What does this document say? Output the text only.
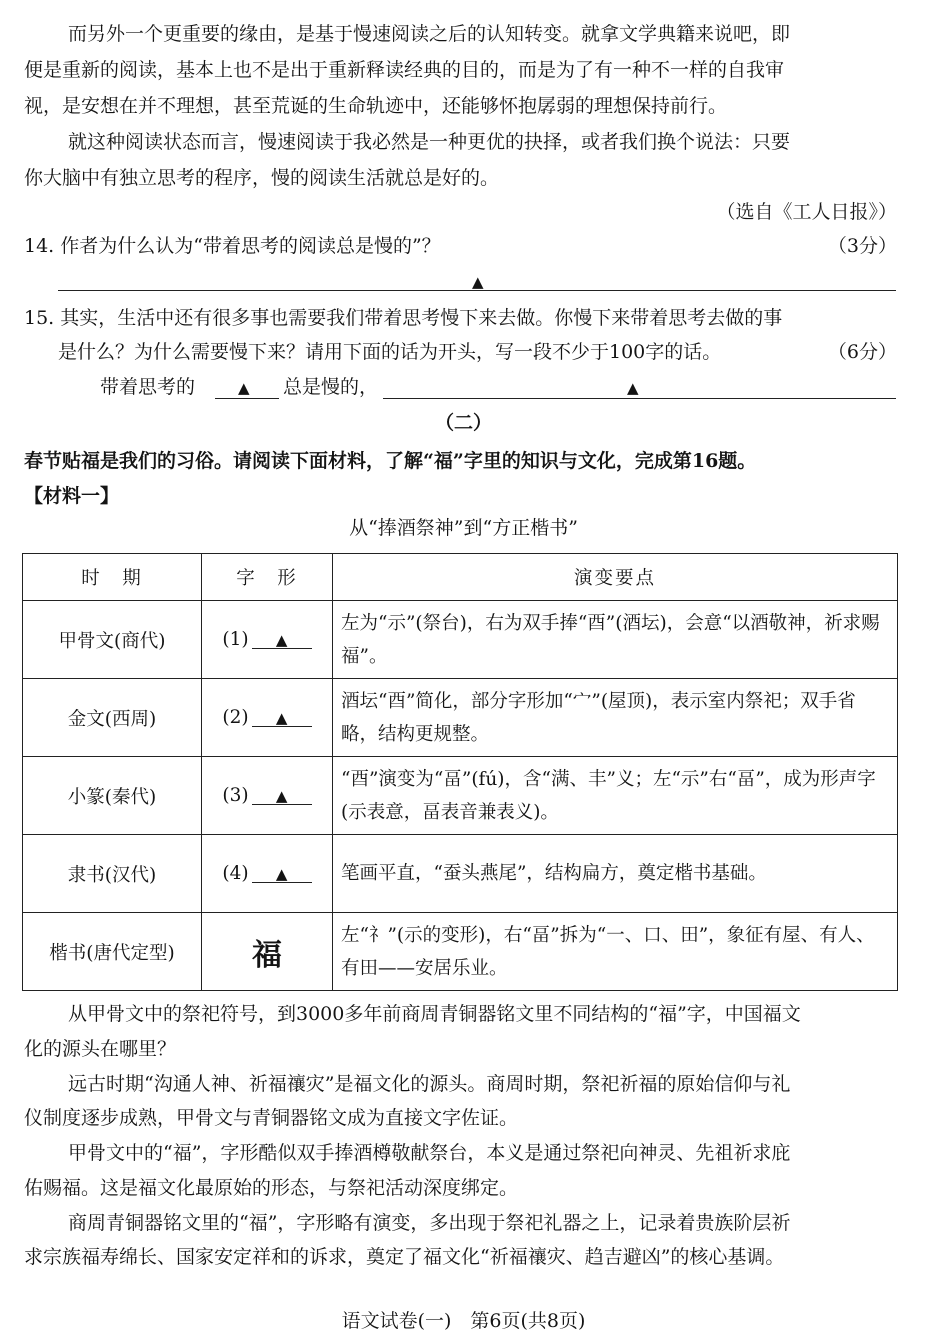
而另外一个更重要的缘由，是基于慢速阅读之后的认知转变。就拿文学典籍来说吧，即
便是重新的阅读，基本上也不是出于重新释读经典的目的，而是为了有一种不一样的自我审
视，是安想在并不理想，甚至荒诞的生命轨迹中，还能够怀抱孱弱的理想保持前行。
就这种阅读状态而言，慢速阅读于我必然是一种更优的抉择，或者我们换个说法：只要
你大脑中有独立思考的程序，慢的阅读生活就总是好的。
（选自《工人日报》）
14. 作者为什么认为“带着思考的阅读总是慢的”？	（3分）
▲
15. 其实，生活中还有很多事也需要我们带着思考慢下来去做。你慢下来带着思考去做的事
是什么？为什么需要慢下来？请用下面的话为开头，写一段不少于100字的话。	（6分）
带着思考的	▲ 总是慢的，	▲
（二）
春节贴福是我们的习俗。请阅读下面材料，了解“福”字里的知识与文化，完成第16题。
【材料一】
从“捧酒祭神”到“方正楷书”
时　期	字　形	演变要点
甲骨文(商代)	(1) ▲	左为“示”(祭台)，右为双手捧“酉”(酒坛)，会意“以酒敬神，祈求赐福”。
金文(西周)	(2) ▲	酒坛“酉”简化，部分字形加“宀”(屋顶)，表示室内祭祀；双手省略，结构更规整。
小篆(秦代)	(3) ▲	“酉”演变为“畐”(fú)，含“满、丰”义；左“示”右“畐”，成为形声字(示表意，畐表音兼表义)。
隶书(汉代)	(4) ▲	笔画平直，“蚕头燕尾”，结构扁方，奠定楷书基础。
楷书(唐代定型)	福	左“礻”(示的变形)，右“畐”拆为“一、口、田”，象征有屋、有人、有田——安居乐业。
从甲骨文中的祭祀符号，到3000多年前商周青铜器铭文里不同结构的“福”字，中国福文
化的源头在哪里？
远古时期“沟通人神、祈福禳灾”是福文化的源头。商周时期，祭祀祈福的原始信仰与礼
仪制度逐步成熟，甲骨文与青铜器铭文成为直接文字佐证。
甲骨文中的“福”，字形酷似双手捧酒樽敬献祭台，本义是通过祭祀向神灵、先祖祈求庇
佑赐福。这是福文化最原始的形态，与祭祀活动深度绑定。
商周青铜器铭文里的“福”，字形略有演变，多出现于祭祀礼器之上，记录着贵族阶层祈
求宗族福寿绵长、国家安定祥和的诉求，奠定了福文化“祈福禳灾、趋吉避凶”的核心基调。
语文试卷(一)　第6页(共8页)
